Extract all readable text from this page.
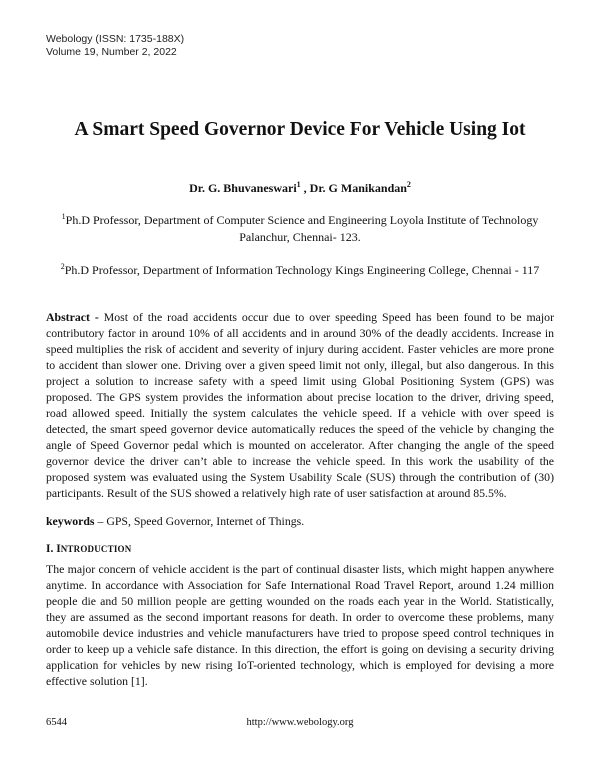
Webology (ISSN: 1735-188X)
Volume 19, Number 2, 2022
A Smart Speed Governor Device For Vehicle Using Iot
Dr. G. Bhuvaneswari$^1$ , Dr. G Manikandan$^2$
$^1$Ph.D Professor, Department of Computer Science and Engineering Loyola Institute of Technology Palanchur, Chennai- 123.
$^2$Ph.D Professor, Department of Information Technology Kings Engineering College, Chennai - 117
Abstract - Most of the road accidents occur due to over speeding Speed has been found to be major contributory factor in around 10% of all accidents and in around 30% of the deadly accidents. Increase in speed multiplies the risk of accident and severity of injury during accident. Faster vehicles are more prone to accident than slower one. Driving over a given speed limit not only, illegal, but also dangerous. In this project a solution to increase safety with a speed limit using Global Positioning System (GPS) was proposed. The GPS system provides the information about precise location to the driver, driving speed, road allowed speed. Initially the system calculates the vehicle speed. If a vehicle with over speed is detected, the smart speed governor device automatically reduces the speed of the vehicle by changing the angle of Speed Governor pedal which is mounted on accelerator. After changing the angle of the speed governor device the driver can’t able to increase the vehicle speed. In this work the usability of the proposed system was evaluated using the System Usability Scale (SUS) through the contribution of (30) participants. Result of the SUS showed a relatively high rate of user satisfaction at around 85.5%.
keywords – GPS, Speed Governor, Internet of Things.
I. INTRODUCTION
The major concern of vehicle accident is the part of continual disaster lists, which might happen anywhere anytime. In accordance with Association for Safe International Road Travel Report, around 1.24 million people die and 50 million people are getting wounded on the roads each year in the World. Statistically, they are assumed as the second important reasons for death. In order to overcome these problems, many automobile device industries and vehicle manufacturers have tried to propose speed control techniques in order to keep up a vehicle safe distance. In this direction, the effort is going on devising a security driving application for vehicles by new rising IoT-oriented technology, which is employed for devising a more effective solution [1].
6544	http://www.webology.org
